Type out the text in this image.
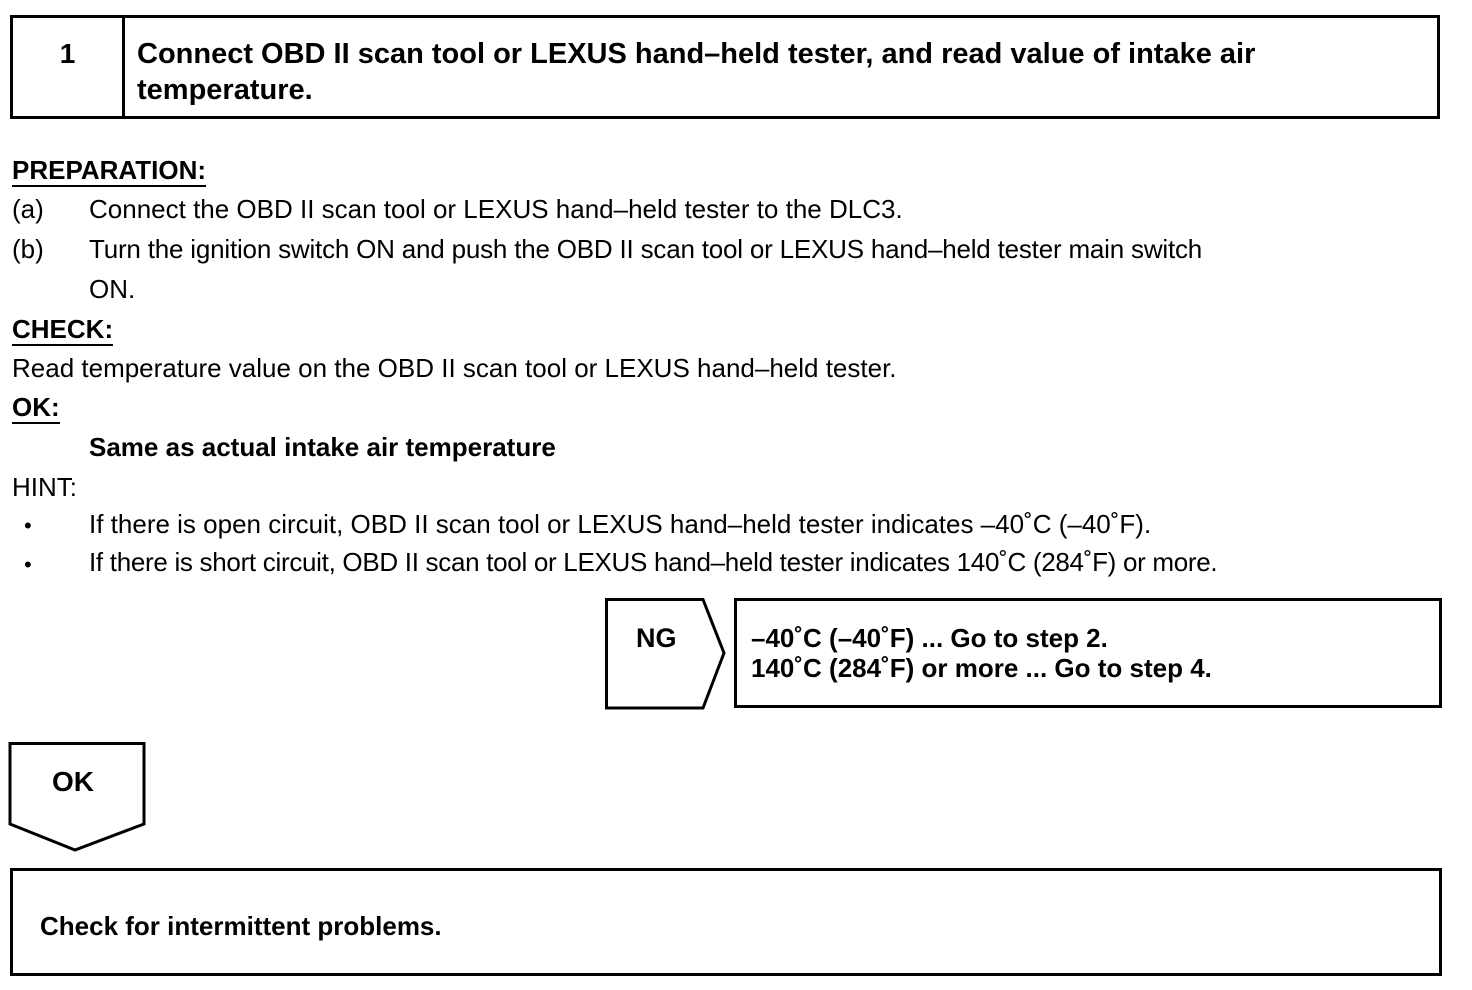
1	Connect OBD II scan tool or LEXUS hand–held tester, and read value of intake air temperature.
PREPARATION:
(a) Connect the OBD II scan tool or LEXUS hand–held tester to the DLC3.
(b) Turn the ignition switch ON and push the OBD II scan tool or LEXUS hand–held tester main switch
ON.
CHECK:
Read temperature value on the OBD II scan tool or LEXUS hand–held tester.
OK:
Same as actual intake air temperature
HINT:
• If there is open circuit, OBD II scan tool or LEXUS hand–held tester indicates –40˚C (–40˚F).
• If there is short circuit, OBD II scan tool or LEXUS hand–held tester indicates 140˚C (284˚F) or more.
NG	–40˚C (–40˚F) ... Go to step 2.
140˚C (284˚F) or more ... Go to step 4.
OK
Check for intermittent problems.
